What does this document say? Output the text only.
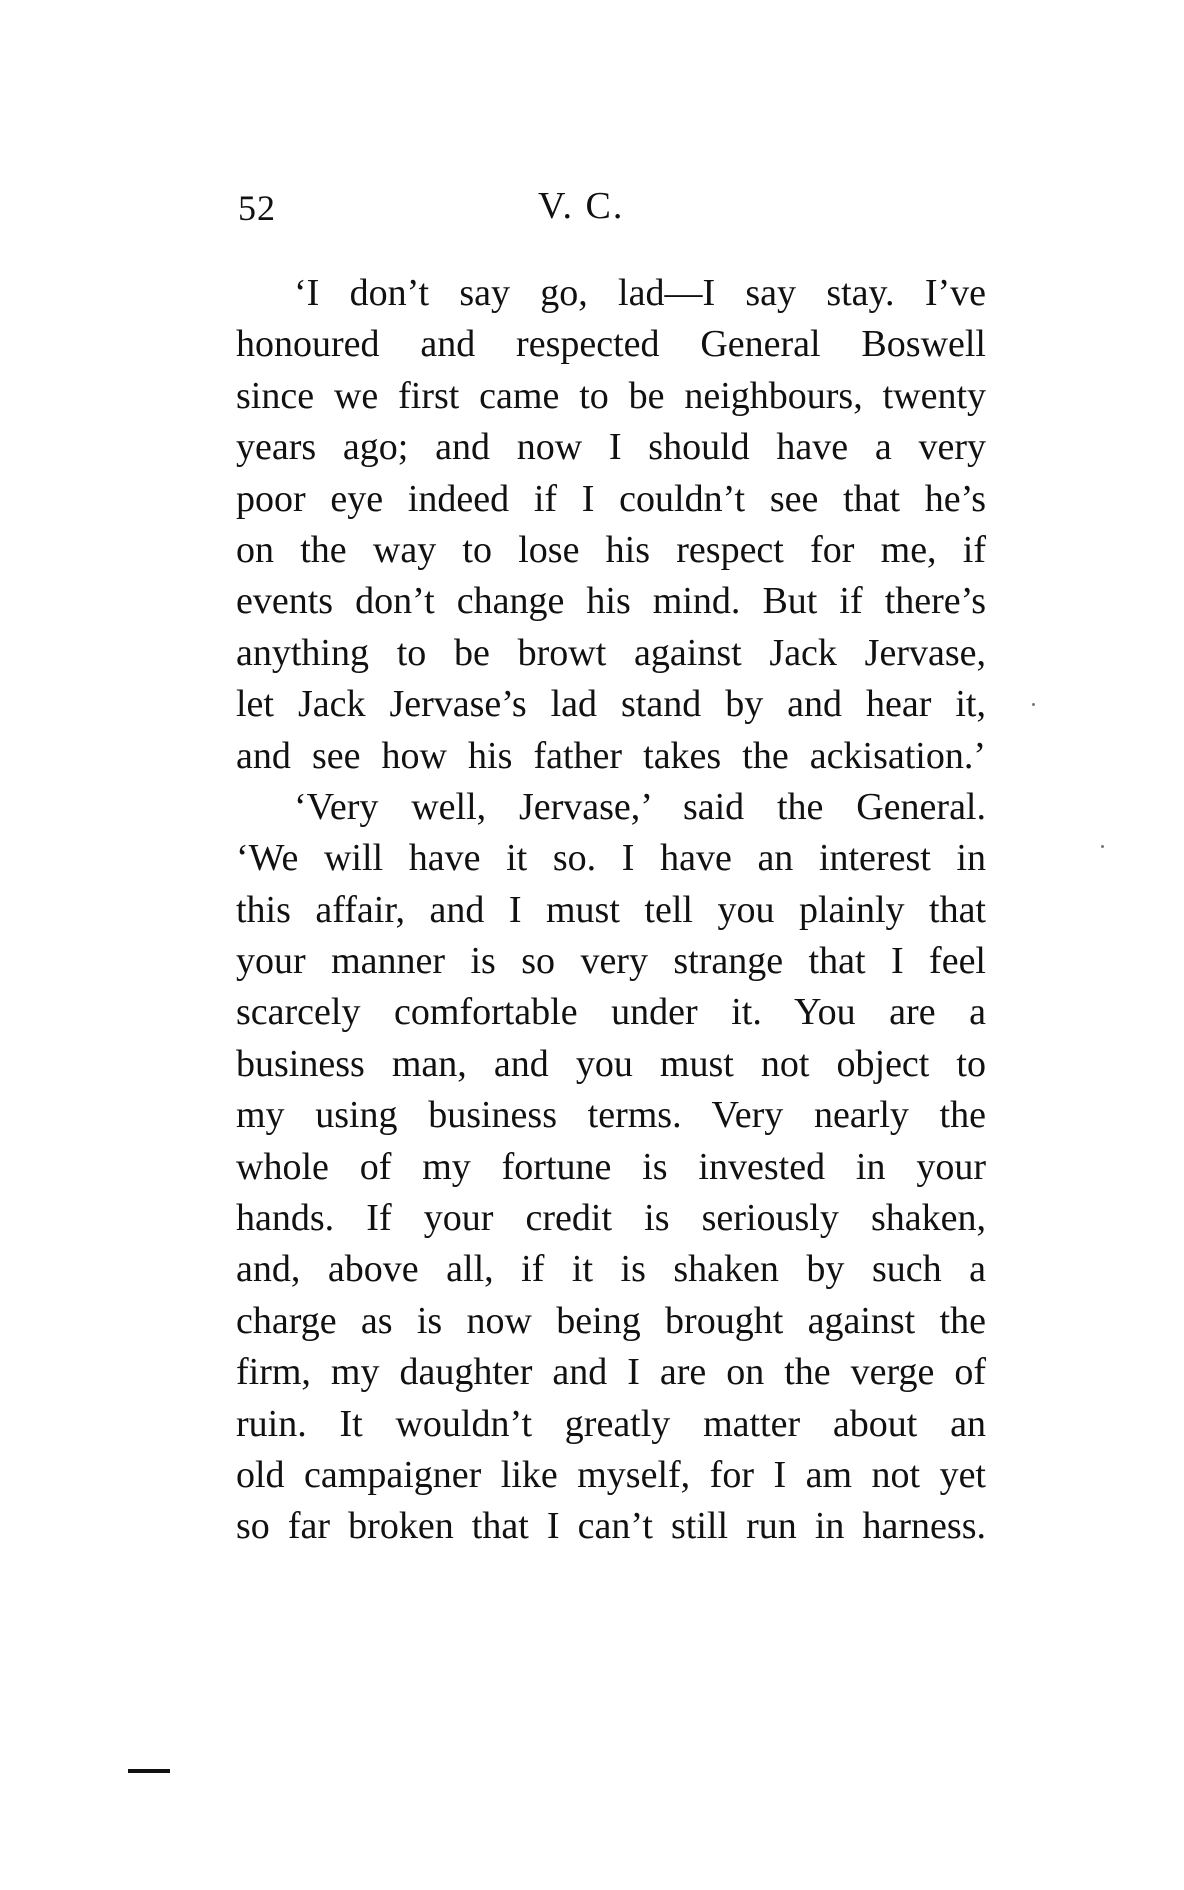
52	V. C.
‘I don’t say go, lad—I say stay. I’ve
honoured and respected General Boswell
since we first came to be neighbours, twenty
years ago; and now I should have a very
poor eye indeed if I couldn’t see that he’s
on the way to lose his respect for me, if
events don’t change his mind. But if there’s
anything to be browt against Jack Jervase,
let Jack Jervase’s lad stand by and hear it,
and see how his father takes the ackisation.’
‘Very well, Jervase,’ said the General.
‘We will have it so. I have an interest in
this affair, and I must tell you plainly that
your manner is so very strange that I feel
scarcely comfortable under it. You are a
business man, and you must not object to
my using business terms. Very nearly the
whole of my fortune is invested in your
hands. If your credit is seriously shaken,
and, above all, if it is shaken by such a
charge as is now being brought against the
firm, my daughter and I are on the verge of
ruin. It wouldn’t greatly matter about an
old campaigner like myself, for I am not yet
so far broken that I can’t still run in harness.
